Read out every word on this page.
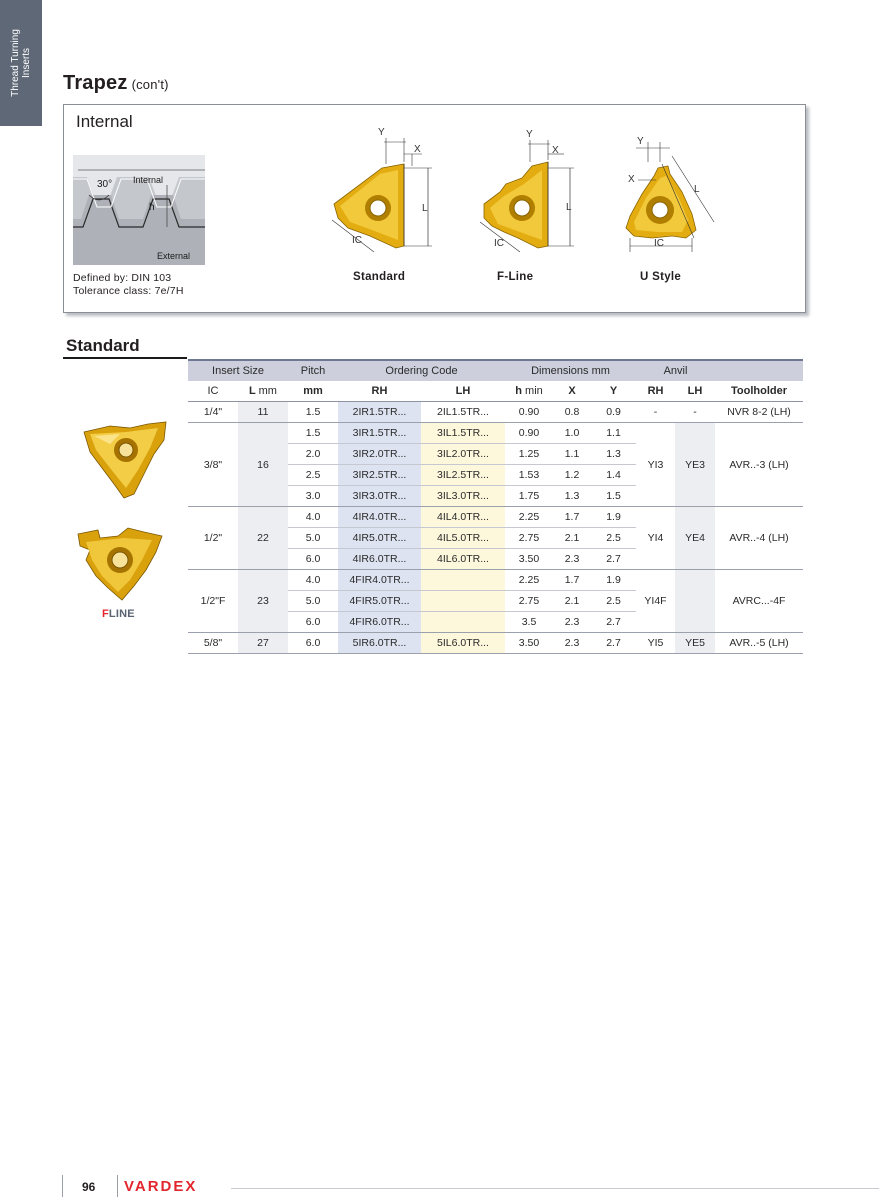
Thread Turning Inserts
Trapez (con't)
Internal
30° Internal
h
External
Defined by: DIN 103
Tolerance class: 7e/7H
Y
X
L
IC
Standard
Y
X
L
IC
F-Line
Y
X
L
IC
U Style
Standard
FLINE
Insert Size		Pitch	Ordering Code		Dimensions mm			Anvil		
IC	L mm	mm	RH	LH	h min	X	Y	RH	LH	Toolholder
1/4"	11	1.5	2IR1.5TR...	2IL1.5TR...	0.90	0.8	0.9	-	-	NVR 8-2 (LH)
3/8"	16	1.5	3IR1.5TR...	3IL1.5TR...	0.90	1.0	1.1	YI3	YE3	AVR..-3 (LH)
		2.0	3IR2.0TR...	3IL2.0TR...	1.25	1.1	1.3			
		2.5	3IR2.5TR...	3IL2.5TR...	1.53	1.2	1.4			
		3.0	3IR3.0TR...	3IL3.0TR...	1.75	1.3	1.5			
1/2"	22	4.0	4IR4.0TR...	4IL4.0TR...	2.25	1.7	1.9	YI4	YE4	AVR..-4 (LH)
		5.0	4IR5.0TR...	4IL5.0TR...	2.75	2.1	2.5			
		6.0	4IR6.0TR...	4IL6.0TR...	3.50	2.3	2.7			
1/2"F	23	4.0	4FIR4.0TR...		2.25	1.7	1.9	YI4F		AVRC...-4F
		5.0	4FIR5.0TR...		2.75	2.1	2.5			
		6.0	4FIR6.0TR...		3.5	2.3	2.7			
5/8"	27	6.0	5IR6.0TR...	5IL6.0TR...	3.50	2.3	2.7	YI5	YE5	AVR..-5 (LH)
96 VARDEX
